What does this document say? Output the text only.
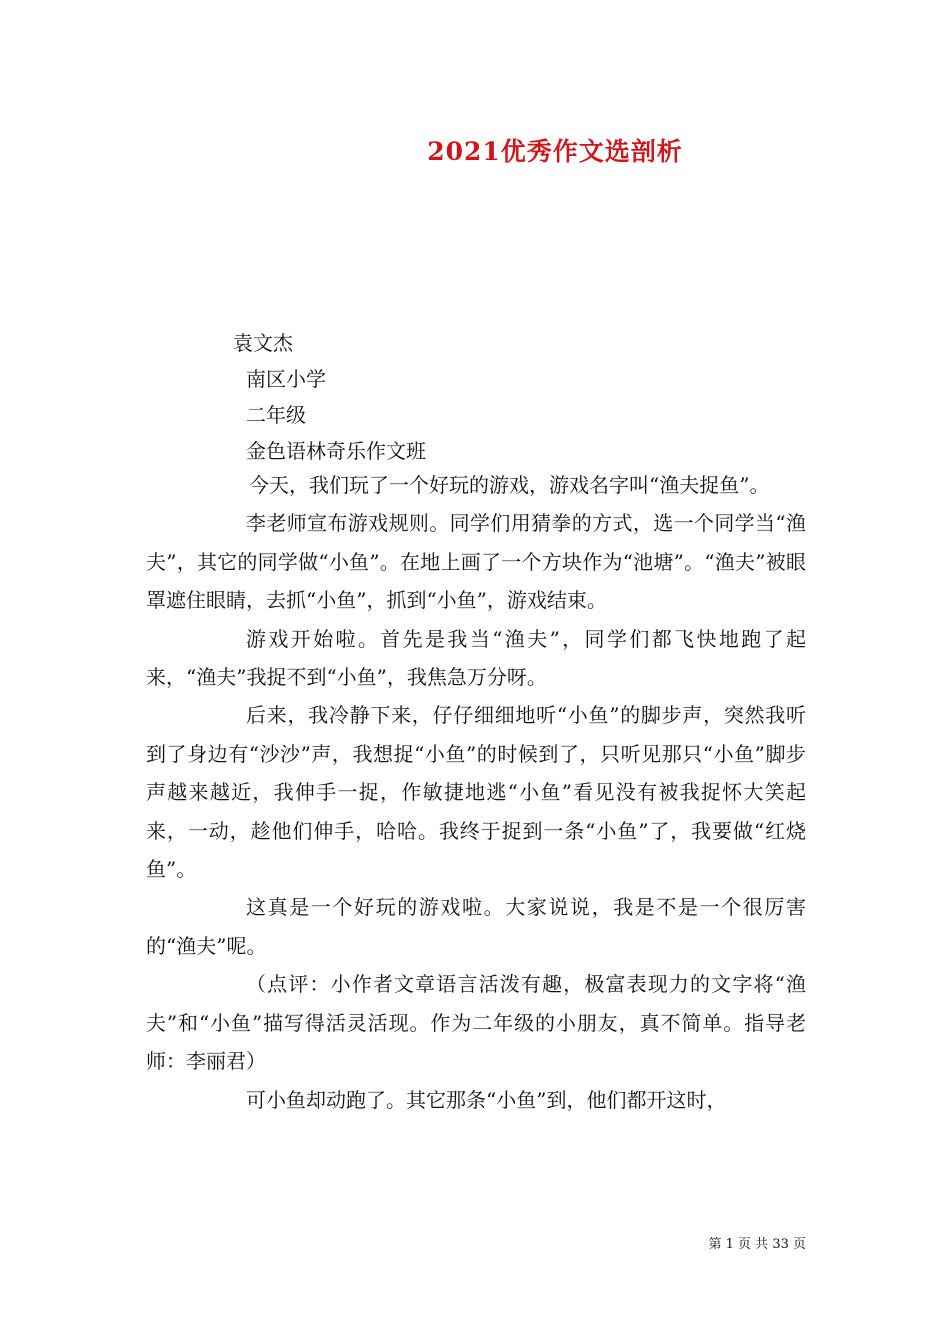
2021优秀作文选剖析
袁文杰
南区小学
二年级
金色语林奇乐作文班

今天，我们玩了一个好玩的游戏，游戏名字叫“渔夫捉鱼”。

李老师宣布游戏规则。同学们用猜拳的方式，选一个同学当“渔夫”，其它的同学做“小鱼”。在地上画了一个方块作为“池塘”。“渔夫”被眼罩遮住眼睛，去抓“小鱼”，抓到“小鱼”，游戏结束。

游戏开始啦。首先是我当“渔夫”，同学们都飞快地跑了起来，“渔夫”我捉不到“小鱼”，我焦急万分呀。

后来，我冷静下来，仔仔细细地听“小鱼”的脚步声，突然我听到了身边有“沙沙”声，我想捉“小鱼”的时候到了，只听见那只“小鱼”脚步声越来越近，我伸手一捉，作敏捷地逃“小鱼”看见没有被我捉怀大笑起来，一动，趁他们伸手，哈哈。我终于捉到一条“小鱼”了，我要做“红烧鱼”。

这真是一个好玩的游戏啦。大家说说，我是不是一个很厉害的“渔夫”呢。

（点评：小作者文章语言活泼有趣，极富表现力的文字将“渔夫”和“小鱼”描写得活灵活现。作为二年级的小朋友，真不简单。指导老师：李丽君）

可小鱼却动跑了。其它那条“小鱼”到，他们都开这时，

第 1 页 共 33 页
